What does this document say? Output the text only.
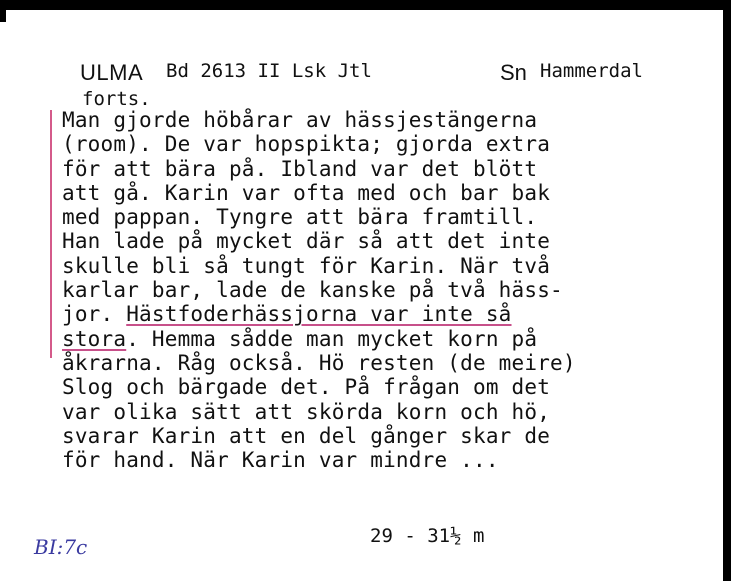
ULMA Bd 2613 II Lsk Jtl	Sn Hammerdal
forts.
Man gjorde höbårar av hässjestängerna
(room). De var hopspikta; gjorda extra
för att bära på. Ibland var det blött
att gå. Karin var ofta med och bar bak
med pappan. Tyngre att bära framtill.
Han lade på mycket där så att det inte
skulle bli så tungt för Karin. När två
karlar bar, lade de kanske på två häss-
jor. Hästfoderhässjorna var inte så
stora. Hemma sådde man mycket korn på
åkrarna. Råg också. Hö resten (de meire)
Slog och bärgade det. På frågan om det
var olika sätt att skörda korn och hö,
svarar Karin att en del gånger skar de
för hand. När Karin var mindre ...
29 - 31½ m
BI:7c
